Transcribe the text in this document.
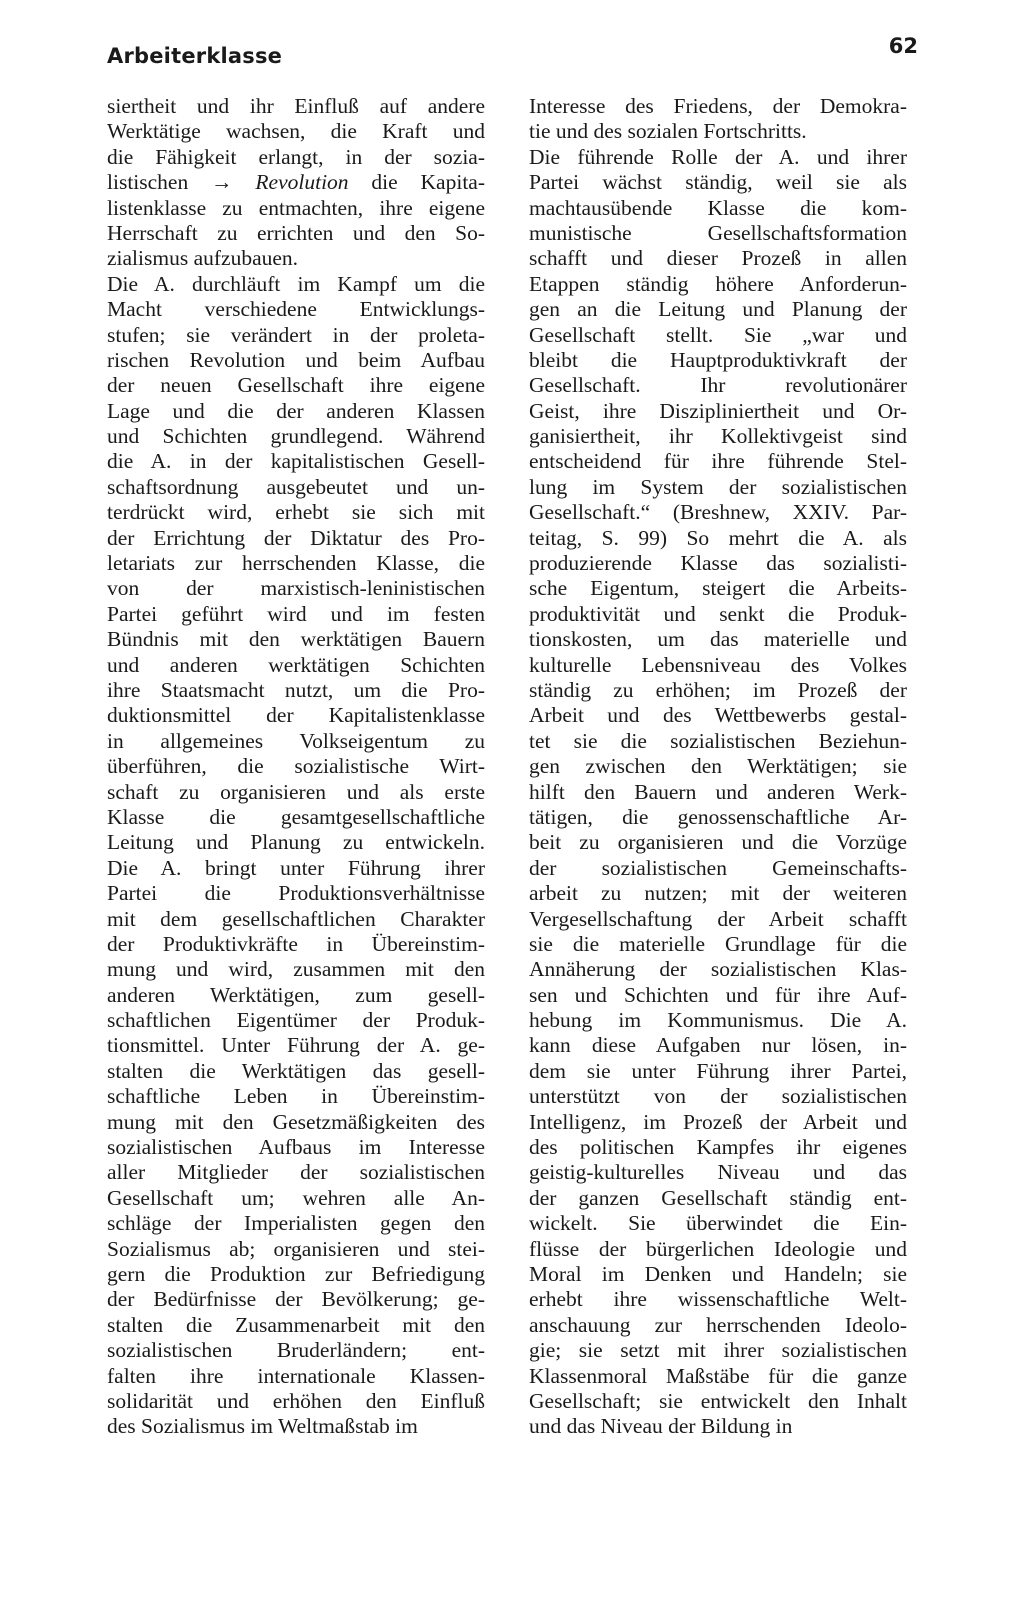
Arbeiterklasse	62
siertheit und ihr Einfluß auf andere
Werktätige wachsen, die Kraft und
die Fähigkeit erlangt, in der sozia-
listischen → Revolution die Kapita-
listenklasse zu entmachten, ihre eigene
Herrschaft zu errichten und den So-
zialismus aufzubauen.
Die A. durchläuft im Kampf um die
Macht verschiedene Entwicklungs-
stufen; sie verändert in der proleta-
rischen Revolution und beim Aufbau
der neuen Gesellschaft ihre eigene
Lage und die der anderen Klassen
und Schichten grundlegend. Während
die A. in der kapitalistischen Gesell-
schaftsordnung ausgebeutet und un-
terdrückt wird, erhebt sie sich mit
der Errichtung der Diktatur des Pro-
letariats zur herrschenden Klasse, die
von der marxistisch-leninistischen
Partei geführt wird und im festen
Bündnis mit den werktätigen Bauern
und anderen werktätigen Schichten
ihre Staatsmacht nutzt, um die Pro-
duktionsmittel der Kapitalistenklasse
in allgemeines Volkseigentum zu
überführen, die sozialistische Wirt-
schaft zu organisieren und als erste
Klasse die gesamtgesellschaftliche
Leitung und Planung zu entwickeln.
Die A. bringt unter Führung ihrer
Partei die Produktionsverhältnisse
mit dem gesellschaftlichen Charakter
der Produktivkräfte in Übereinstim-
mung und wird, zusammen mit den
anderen Werktätigen, zum gesell-
schaftlichen Eigentümer der Produk-
tionsmittel. Unter Führung der A. ge-
stalten die Werktätigen das gesell-
schaftliche Leben in Übereinstim-
mung mit den Gesetzmäßigkeiten des
sozialistischen Aufbaus im Interesse
aller Mitglieder der sozialistischen
Gesellschaft um; wehren alle An-
schläge der Imperialisten gegen den
Sozialismus ab; organisieren und stei-
gern die Produktion zur Befriedigung
der Bedürfnisse der Bevölkerung; ge-
stalten die Zusammenarbeit mit den
sozialistischen Bruderländern; ent-
falten ihre internationale Klassen-
solidarität und erhöhen den Einfluß
des Sozialismus im Weltmaßstab im
Interesse des Friedens, der Demokra-
tie und des sozialen Fortschritts.
Die führende Rolle der A. und ihrer
Partei wächst ständig, weil sie als
machtausübende Klasse die kom-
munistische Gesellschaftsformation
schafft und dieser Prozeß in allen
Etappen ständig höhere Anforderun-
gen an die Leitung und Planung der
Gesellschaft stellt. Sie „war und
bleibt die Hauptproduktivkraft der
Gesellschaft. Ihr revolutionärer
Geist, ihre Diszipliniertheit und Or-
ganisiertheit, ihr Kollektivgeist sind
entscheidend für ihre führende Stel-
lung im System der sozialistischen
Gesellschaft.“ (Breshnew, XXIV. Par-
teitag, S. 99) So mehrt die A. als
produzierende Klasse das sozialisti-
sche Eigentum, steigert die Arbeits-
produktivität und senkt die Produk-
tionskosten, um das materielle und
kulturelle Lebensniveau des Volkes
ständig zu erhöhen; im Prozeß der
Arbeit und des Wettbewerbs gestal-
tet sie die sozialistischen Beziehun-
gen zwischen den Werktätigen; sie
hilft den Bauern und anderen Werk-
tätigen, die genossenschaftliche Ar-
beit zu organisieren und die Vorzüge
der sozialistischen Gemeinschafts-
arbeit zu nutzen; mit der weiteren
Vergesellschaftung der Arbeit schafft
sie die materielle Grundlage für die
Annäherung der sozialistischen Klas-
sen und Schichten und für ihre Auf-
hebung im Kommunismus. Die A.
kann diese Aufgaben nur lösen, in-
dem sie unter Führung ihrer Partei,
unterstützt von der sozialistischen
Intelligenz, im Prozeß der Arbeit und
des politischen Kampfes ihr eigenes
geistig-kulturelles Niveau und das
der ganzen Gesellschaft ständig ent-
wickelt. Sie überwindet die Ein-
flüsse der bürgerlichen Ideologie und
Moral im Denken und Handeln; sie
erhebt ihre wissenschaftliche Welt-
anschauung zur herrschenden Ideolo-
gie; sie setzt mit ihrer sozialistischen
Klassenmoral Maßstäbe für die ganze
Gesellschaft; sie entwickelt den Inhalt
und das Niveau der Bildung in
